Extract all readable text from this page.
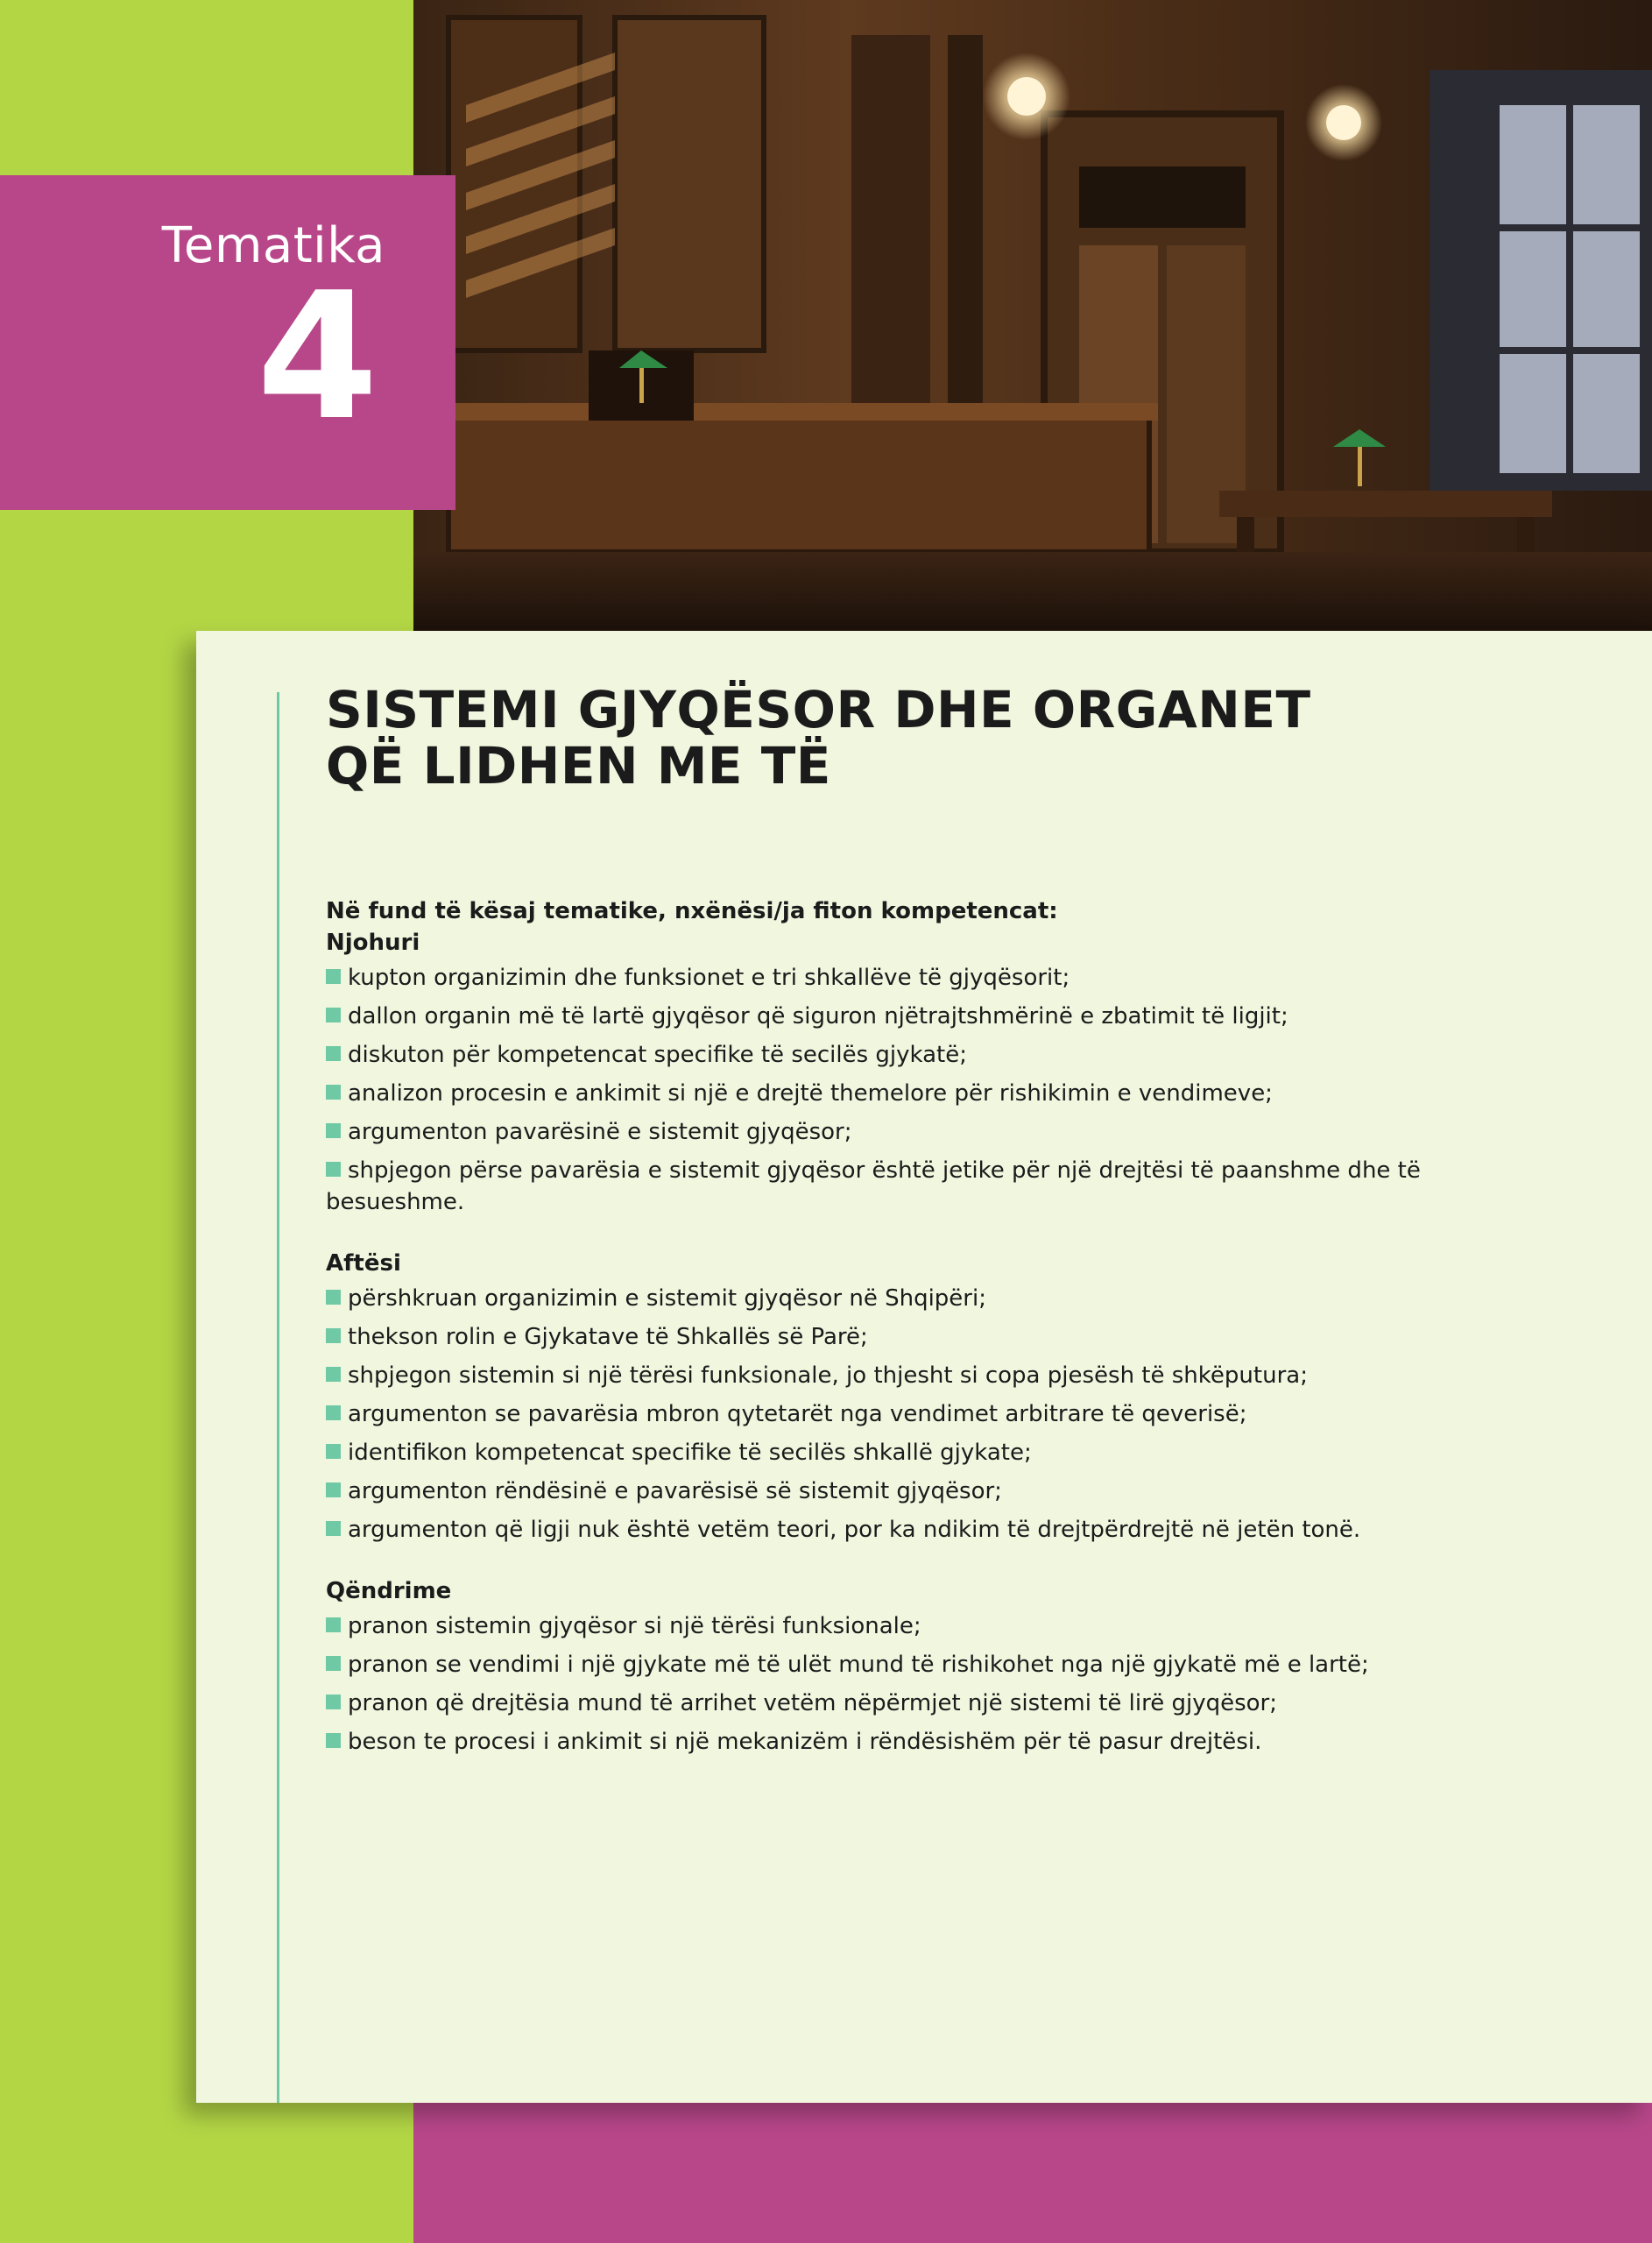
Tematika
4
SISTEMI GJYQËSOR DHE ORGANET
QË LIDHEN ME TË

Në fund të kësaj tematike, nxënësi/ja fiton kompetencat:

Njohuri

kupton organizimin dhe funksionet e tri shkallëve të gjyqësorit;
dallon organin më të lartë gjyqësor që siguron njëtrajtshmërinë e zbatimit të ligjit;
diskuton për kompetencat specifike të secilës gjykatë;
analizon procesin e ankimit si një e drejtë themelore për rishikimin e vendimeve;
argumenton pavarësinë e sistemit gjyqësor;
shpjegon përse pavarësia e sistemit gjyqësor është jetike për një drejtësi të paanshme dhe të besueshme.

Aftësi

përshkruan organizimin e sistemit gjyqësor në Shqipëri;
thekson rolin e Gjykatave të Shkallës së Parë;
shpjegon sistemin si një tërësi funksionale, jo thjesht si copa pjesësh të shkëputura;
argumenton se pavarësia mbron qytetarët nga vendimet arbitrare të qeverisë;
identifikon kompetencat specifike të secilës shkallë gjykate;
argumenton rëndësinë e pavarësisë së sistemit gjyqësor;
argumenton që ligji nuk është vetëm teori, por ka ndikim të drejtpërdrejtë në jetën tonë.

Qëndrime

pranon sistemin gjyqësor si një tërësi funksionale;
pranon se vendimi i një gjykate më të ulët mund të rishikohet nga një gjykatë më e lartë;
pranon që drejtësia mund të arrihet vetëm nëpërmjet një sistemi të lirë gjyqësor;
beson te procesi i ankimit si një mekanizëm i rëndësishëm për të pasur drejtësi.
